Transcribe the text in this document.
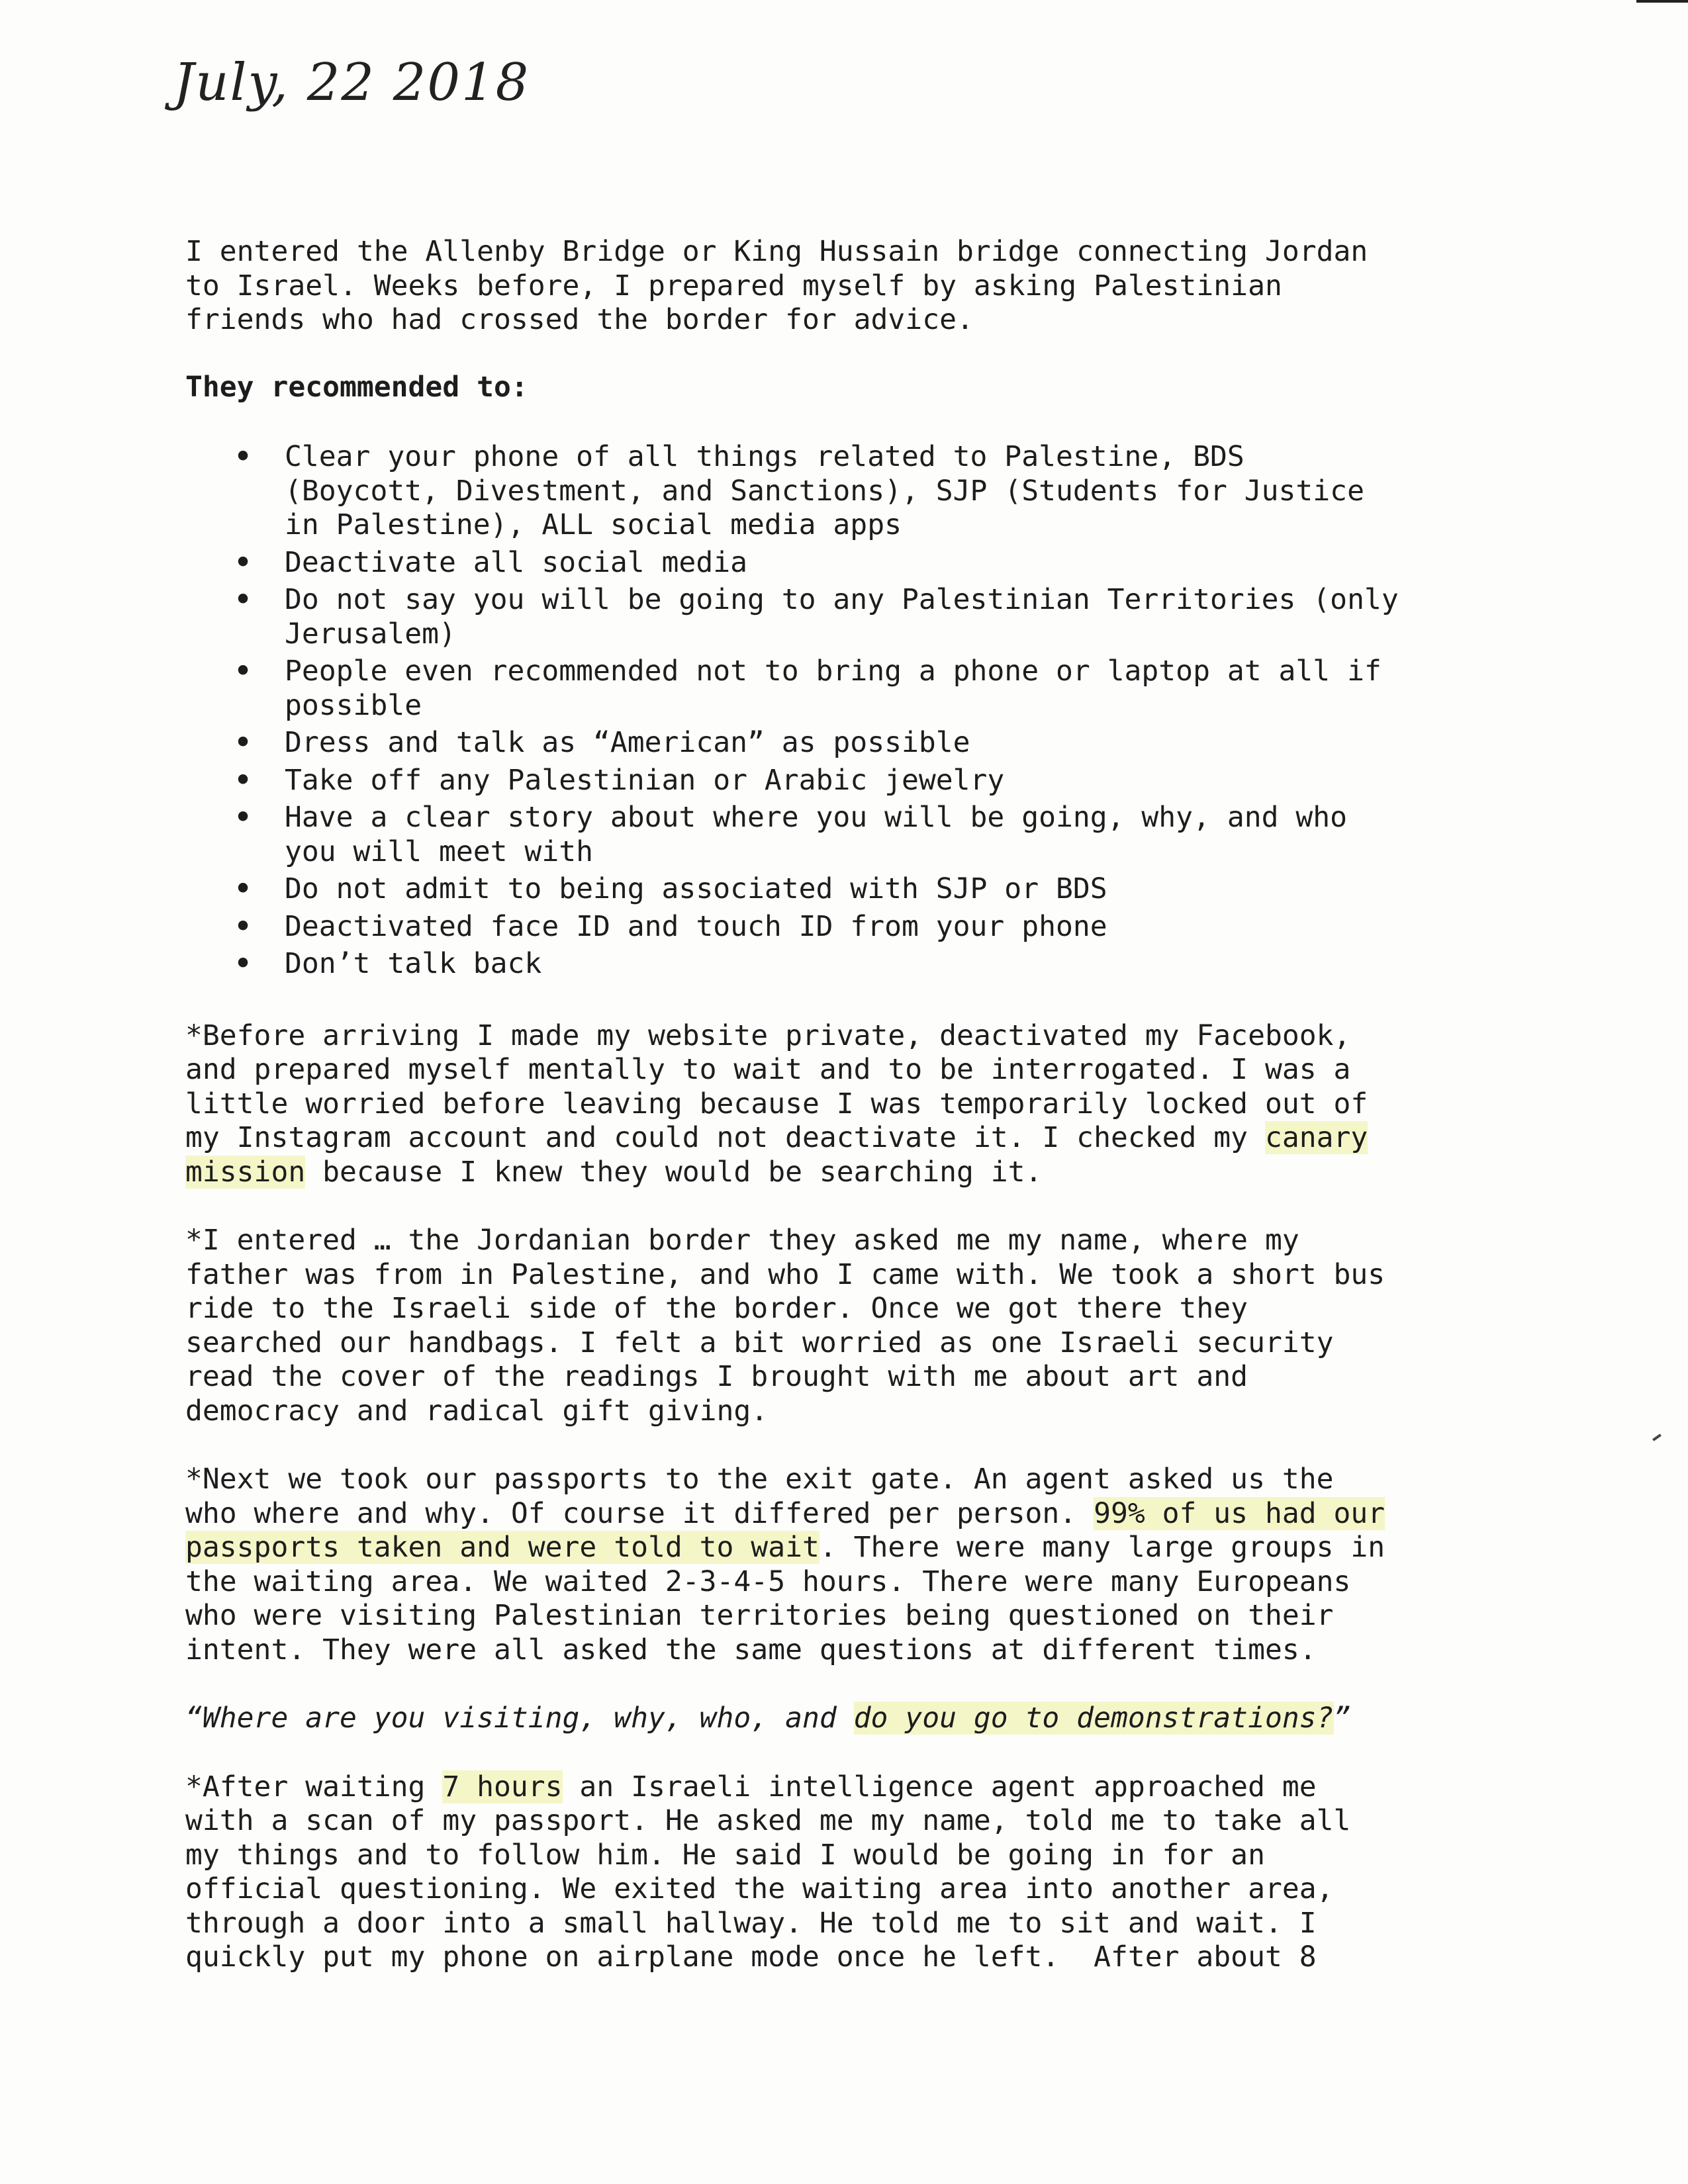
July, 22 2018

I entered the Allenby Bridge or King Hussain bridge connecting Jordan
to Israel. Weeks before, I prepared myself by asking Palestinian
friends who had crossed the border for advice.

They recommended to:

• Clear your phone of all things related to Palestine, BDS
(Boycott, Divestment, and Sanctions), SJP (Students for Justice
in Palestine), ALL social media apps
• Deactivate all social media
• Do not say you will be going to any Palestinian Territories (only
Jerusalem)
• People even recommended not to bring a phone or laptop at all if
possible
• Dress and talk as “American” as possible
• Take off any Palestinian or Arabic jewelry
• Have a clear story about where you will be going, why, and who
you will meet with
• Do not admit to being associated with SJP or BDS
• Deactivated face ID and touch ID from your phone
• Don’t talk back

*Before arriving I made my website private, deactivated my Facebook,
and prepared myself mentally to wait and to be interrogated. I was a
little worried before leaving because I was temporarily locked out of
my Instagram account and could not deactivate it. I checked my canary
mission because I knew they would be searching it.

*I entered … the Jordanian border they asked me my name, where my
father was from in Palestine, and who I came with. We took a short bus
ride to the Israeli side of the border. Once we got there they
searched our handbags. I felt a bit worried as one Israeli security
read the cover of the readings I brought with me about art and
democracy and radical gift giving.

*Next we took our passports to the exit gate. An agent asked us the
who where and why. Of course it differed per person. 99% of us had our
passports taken and were told to wait. There were many large groups in
the waiting area. We waited 2-3-4-5 hours. There were many Europeans
who were visiting Palestinian territories being questioned on their
intent. They were all asked the same questions at different times.

“Where are you visiting, why, who, and do you go to demonstrations?”

*After waiting 7 hours an Israeli intelligence agent approached me
with a scan of my passport. He asked me my name, told me to take all
my things and to follow him. He said I would be going in for an
official questioning. We exited the waiting area into another area,
through a door into a small hallway. He told me to sit and wait. I
quickly put my phone on airplane mode once he left.  After about 8
